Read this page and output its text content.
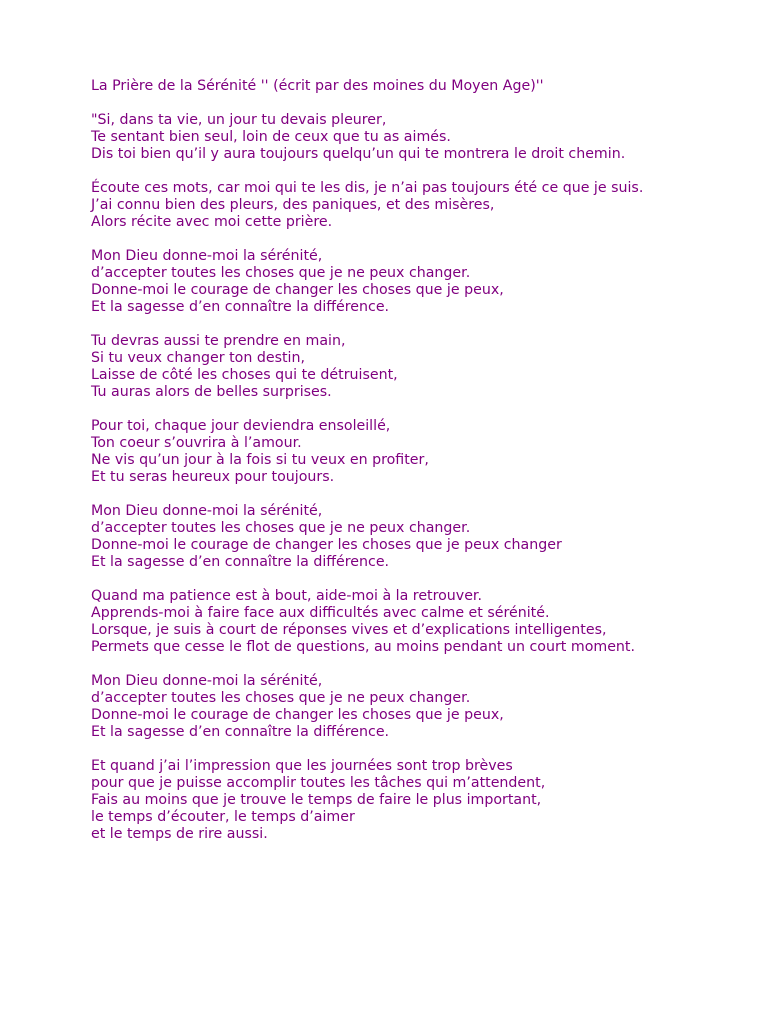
La Prière de la Sérénité '' (écrit par des moines du Moyen Age)''
"Si, dans ta vie, un jour tu devais pleurer,
Te sentant bien seul, loin de ceux que tu as aimés.
Dis toi bien qu’il y aura toujours quelqu’un qui te montrera le droit chemin.
Écoute ces mots, car moi qui te les dis, je n’ai pas toujours été ce que je suis.
J’ai connu bien des pleurs, des paniques, et des misères,
Alors récite avec moi cette prière.
Mon Dieu donne-moi la sérénité,
d’accepter toutes les choses que je ne peux changer.
Donne-moi le courage de changer les choses que je peux,
Et la sagesse d’en connaître la différence.
Tu devras aussi te prendre en main,
Si tu veux changer ton destin,
Laisse de côté les choses qui te détruisent,
Tu auras alors de belles surprises.
Pour toi, chaque jour deviendra ensoleillé,
Ton coeur s’ouvrira à l’amour.
Ne vis qu’un jour à la fois si tu veux en profiter,
Et tu seras heureux pour toujours.
Mon Dieu donne-moi la sérénité,
d’accepter toutes les choses que je ne peux changer.
Donne-moi le courage de changer les choses que je peux changer
Et la sagesse d’en connaître la différence.
Quand ma patience est à bout, aide-moi à la retrouver.
Apprends-moi à faire face aux difficultés avec calme et sérénité.
Lorsque, je suis à court de réponses vives et d’explications intelligentes,
Permets que cesse le flot de questions, au moins pendant un court moment.
Mon Dieu donne-moi la sérénité,
d’accepter toutes les choses que je ne peux changer.
Donne-moi le courage de changer les choses que je peux,
Et la sagesse d’en connaître la différence.
Et quand j’ai l’impression que les journées sont trop brèves
pour que je puisse accomplir toutes les tâches qui m’attendent,
Fais au moins que je trouve le temps de faire le plus important,
le temps d’écouter, le temps d’aimer
et le temps de rire aussi.
